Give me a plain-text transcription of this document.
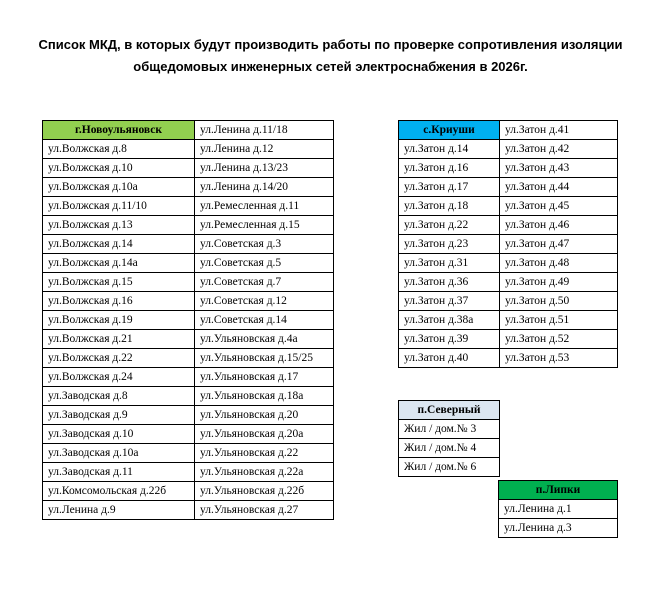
Список МКД, в которых будут производить работы по проверке сопротивления изоляции
общедомовых инженерных сетей электроснабжения в 2026г.
г.Новоульяновск	ул.Ленина д.11/18
ул.Волжская д.8	ул.Ленина д.12
ул.Волжская д.10	ул.Ленина д.13/23
ул.Волжская д.10а	ул.Ленина д.14/20
ул.Волжская д.11/10	ул.Ремесленная д.11
ул.Волжская д.13	ул.Ремесленная д.15
ул.Волжская д.14	ул.Советская д.3
ул.Волжская д.14а	ул.Советская д.5
ул.Волжская д.15	ул.Советская д.7
ул.Волжская д.16	ул.Советская д.12
ул.Волжская д.19	ул.Советская д.14
ул.Волжская д.21	ул.Ульяновская д.4а
ул.Волжская д.22	ул.Ульяновская д.15/25
ул.Волжская д.24	ул.Ульяновская д.17
ул.Заводская д.8	ул.Ульяновская д.18а
ул.Заводская д.9	ул.Ульяновская д.20
ул.Заводская д.10	ул.Ульяновская д.20а
ул.Заводская д.10а	ул.Ульяновская д.22
ул.Заводская д.11	ул.Ульяновская д.22а
ул.Комсомольская д.22б	ул.Ульяновская д.22б
ул.Ленина д.9	ул.Ульяновская д.27
с.Криуши	ул.Затон д.41
ул.Затон д.14	ул.Затон д.42
ул.Затон д.16	ул.Затон д.43
ул.Затон д.17	ул.Затон д.44
ул.Затон д.18	ул.Затон д.45
ул.Затон д.22	ул.Затон д.46
ул.Затон д.23	ул.Затон д.47
ул.Затон д.31	ул.Затон д.48
ул.Затон д.36	ул.Затон д.49
ул.Затон д.37	ул.Затон д.50
ул.Затон д.38а	ул.Затон д.51
ул.Затон д.39	ул.Затон д.52
ул.Затон д.40	ул.Затон д.53
п.Северный
Жил / дом.№ 3
Жил / дом.№ 4
Жил / дом.№ 6
п.Липки
ул.Ленина д.1
ул.Ленина д.3
